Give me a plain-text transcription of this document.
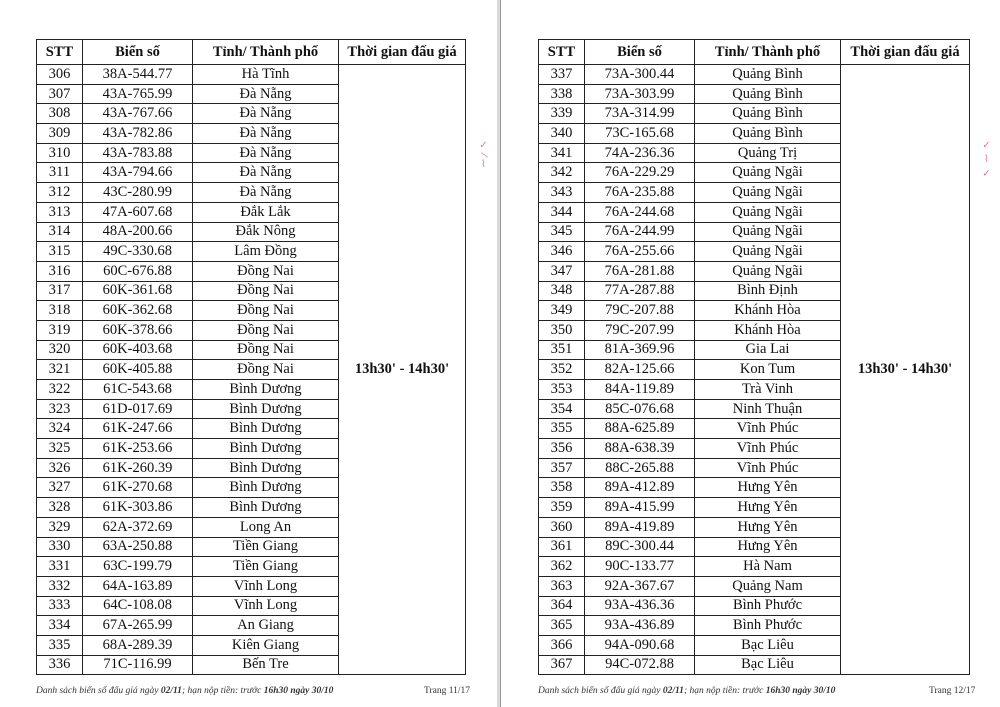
STT	Biển số	Tỉnh/ Thành phố	Thời gian đấu giá
306	38A-544.77	Hà Tĩnh	13h30' - 14h30'
307	43A-765.99	Đà Nẵng	
308	43A-767.66	Đà Nẵng	
309	43A-782.86	Đà Nẵng	
310	43A-783.88	Đà Nẵng	
311	43A-794.66	Đà Nẵng	
312	43C-280.99	Đà Nẵng	
313	47A-607.68	Đắk Lắk	
314	48A-200.66	Đắk Nông	
315	49C-330.68	Lâm Đồng	
316	60C-676.88	Đồng Nai	
317	60K-361.68	Đồng Nai	
318	60K-362.68	Đồng Nai	
319	60K-378.66	Đồng Nai	
320	60K-403.68	Đồng Nai	
321	60K-405.88	Đồng Nai	
322	61C-543.68	Bình Dương	
323	61D-017.69	Bình Dương	
324	61K-247.66	Bình Dương	
325	61K-253.66	Bình Dương	
326	61K-260.39	Bình Dương	
327	61K-270.68	Bình Dương	
328	61K-303.86	Bình Dương	
329	62A-372.69	Long An	
330	63A-250.88	Tiền Giang	
331	63C-199.79	Tiền Giang	
332	64A-163.89	Vĩnh Long	
333	64C-108.08	Vĩnh Long	
334	67A-265.99	An Giang	
335	68A-289.39	Kiên Giang	
336	71C-116.99	Bến Tre	
Danh sách biển số đấu giá ngày 02/11; hạn nộp tiền: trước 16h30 ngày 30/10	Trang 11/17
✓ ⁄ ⌇
STT	Biển số	Tỉnh/ Thành phố	Thời gian đấu giá
337	73A-300.44	Quảng Bình	13h30' - 14h30'
338	73A-303.99	Quảng Bình	
339	73A-314.99	Quảng Bình	
340	73C-165.68	Quảng Bình	
341	74A-236.36	Quảng Trị	
342	76A-229.29	Quảng Ngãi	
343	76A-235.88	Quảng Ngãi	
344	76A-244.68	Quảng Ngãi	
345	76A-244.99	Quảng Ngãi	
346	76A-255.66	Quảng Ngãi	
347	76A-281.88	Quảng Ngãi	
348	77A-287.88	Bình Định	
349	79C-207.88	Khánh Hòa	
350	79C-207.99	Khánh Hòa	
351	81A-369.96	Gia Lai	
352	82A-125.66	Kon Tum	
353	84A-119.89	Trà Vinh	
354	85C-076.68	Ninh Thuận	
355	88A-625.89	Vĩnh Phúc	
356	88A-638.39	Vĩnh Phúc	
357	88C-265.88	Vĩnh Phúc	
358	89A-412.89	Hưng Yên	
359	89A-415.99	Hưng Yên	
360	89A-419.89	Hưng Yên	
361	89C-300.44	Hưng Yên	
362	90C-133.77	Hà Nam	
363	92A-367.67	Quảng Nam	
364	93A-436.36	Bình Phước	
365	93A-436.89	Bình Phước	
366	94A-090.68	Bạc Liêu	
367	94C-072.88	Bạc Liêu	
Danh sách biển số đấu giá ngày 02/11; hạn nộp tiền: trước 16h30 ngày 30/10	Trang 12/17
✓ ⌇ ✓
